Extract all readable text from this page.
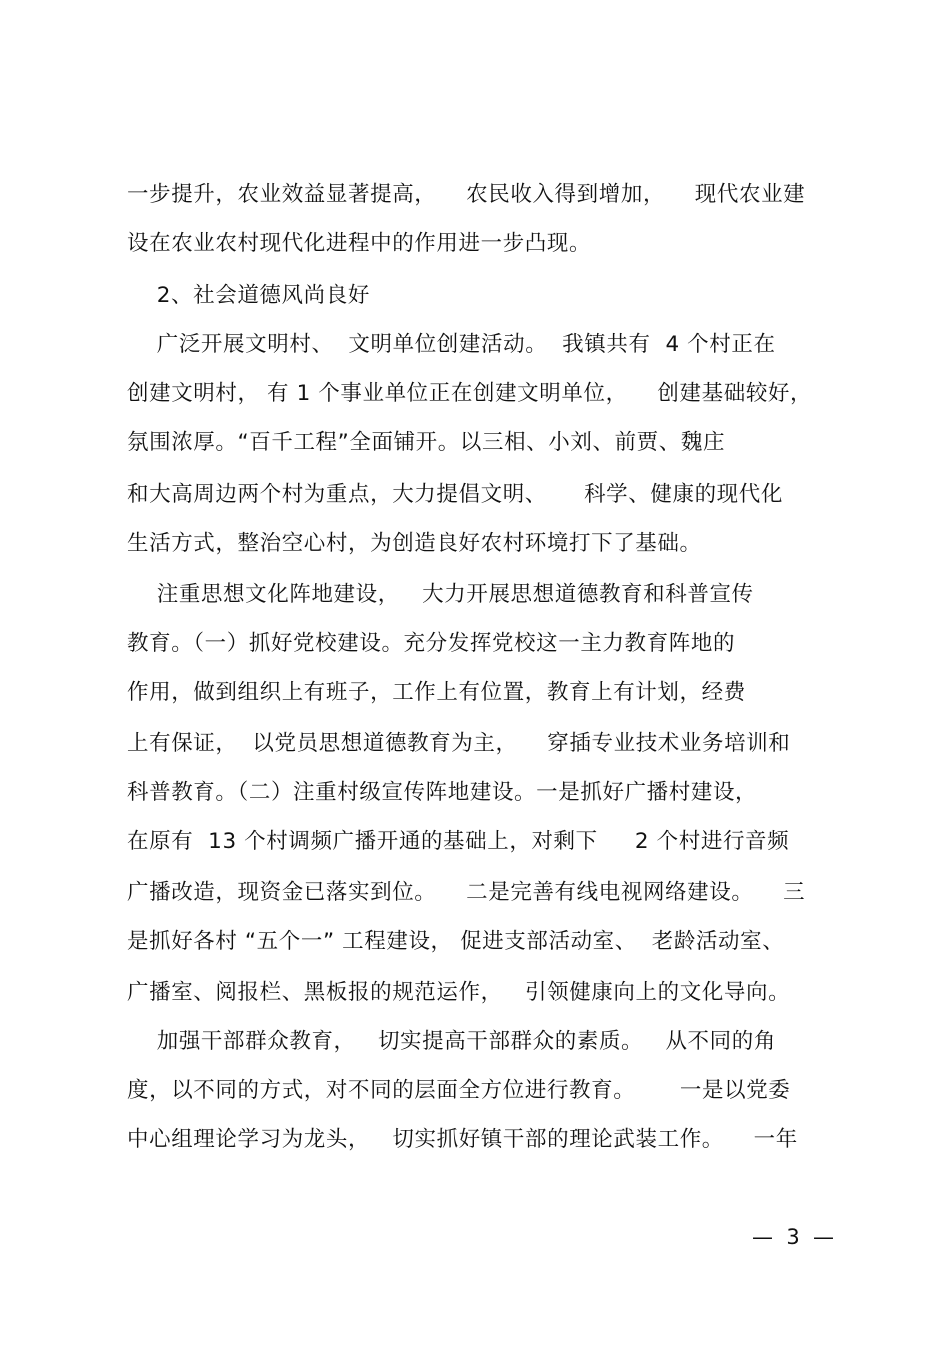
一步提升，农业效益显著提高，    农民收入得到增加，    现代农业建
设在农业农村现代化进程中的作用进一步凸现。
2、社会道德风尚良好
广泛开展文明村、  文明单位创建活动。  我镇共有  4 个村正在
创建文明村， 有 1 个事业单位正在创建文明单位，    创建基础较好，
氛围浓厚。“百千工程”全面铺开。以三相、小刘、前贾、魏庄
和大高周边两个村为重点，大力提倡文明、     科学、健康的现代化
生活方式，整治空心村，为创造良好农村环境打下了基础。
注重思想文化阵地建设，   大力开展思想道德教育和科普宣传
教育。（一）抓好党校建设。充分发挥党校这一主力教育阵地的
作用，做到组织上有班子，工作上有位置，教育上有计划，经费
上有保证，  以党员思想道德教育为主，    穿插专业技术业务培训和
科普教育。（二）注重村级宣传阵地建设。一是抓好广播村建设，
在原有  13 个村调频广播开通的基础上，对剩下     2 个村进行音频
广播改造，现资金已落实到位。    二是完善有线电视网络建设。    三
是抓好各村 “五个一” 工程建设， 促进支部活动室、  老龄活动室、
广播室、阅报栏、黑板报的规范运作，   引领健康向上的文化导向。
加强干部群众教育，   切实提高干部群众的素质。   从不同的角
度，以不同的方式，对不同的层面全方位进行教育。      一是以党委
中心组理论学习为龙头，   切实抓好镇干部的理论武装工作。    一年
—  3  —
